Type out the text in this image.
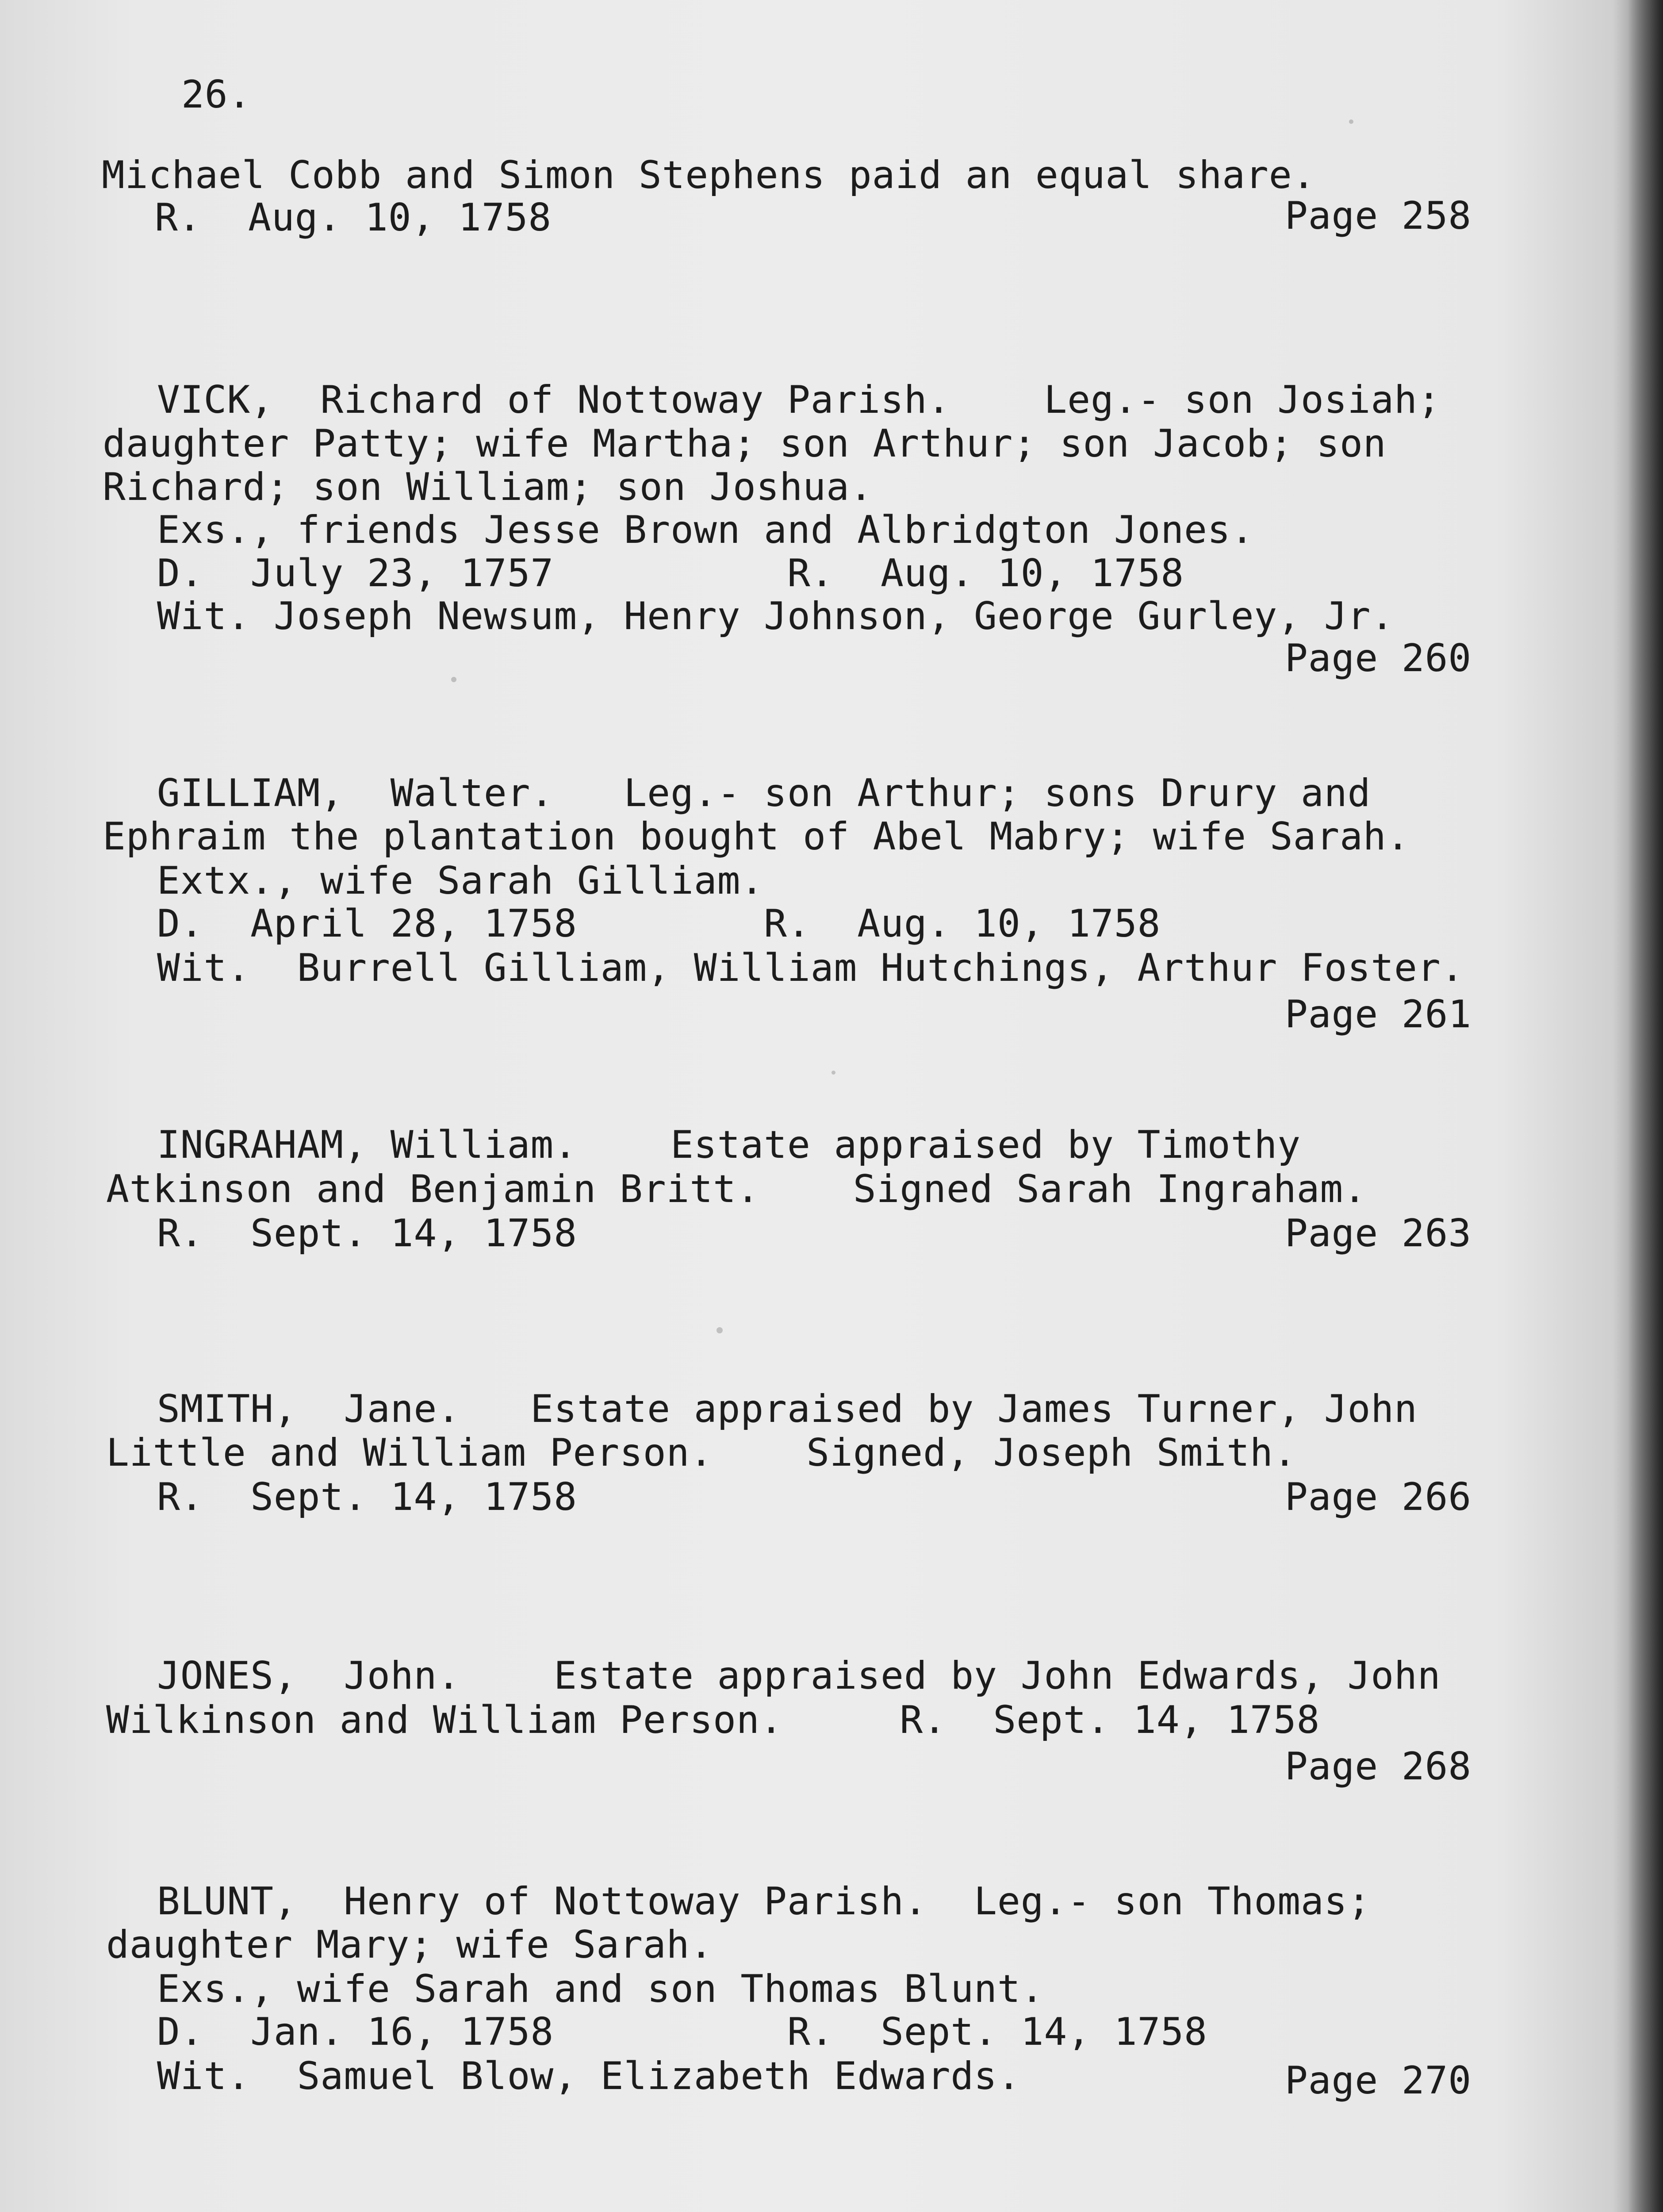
26.
Michael Cobb and Simon Stephens paid an equal share.
R.  Aug. 10, 1758	Page 258
VICK,  Richard of Nottoway Parish.    Leg.- son Josiah;
daughter Patty; wife Martha; son Arthur; son Jacob; son
Richard; son William; son Joshua.
Exs., friends Jesse Brown and Albridgton Jones.
D.  July 23, 1757          R.  Aug. 10, 1758
Wit. Joseph Newsum, Henry Johnson, George Gurley, Jr.
Page 260
GILLIAM,  Walter.   Leg.- son Arthur; sons Drury and
Ephraim the plantation bought of Abel Mabry; wife Sarah.
Extx., wife Sarah Gilliam.
D.  April 28, 1758        R.  Aug. 10, 1758
Wit.  Burrell Gilliam, William Hutchings, Arthur Foster.
Page 261
INGRAHAM, William.    Estate appraised by Timothy
Atkinson and Benjamin Britt.    Signed Sarah Ingraham.
R.  Sept. 14, 1758	Page 263
SMITH,  Jane.   Estate appraised by James Turner, John
Little and William Person.    Signed, Joseph Smith.
R.  Sept. 14, 1758	Page 266
JONES,  John.    Estate appraised by John Edwards, John
Wilkinson and William Person.     R.  Sept. 14, 1758
Page 268
BLUNT,  Henry of Nottoway Parish.  Leg.- son Thomas;
daughter Mary; wife Sarah.
Exs., wife Sarah and son Thomas Blunt.
D.  Jan. 16, 1758          R.  Sept. 14, 1758
Wit.  Samuel Blow, Elizabeth Edwards.	Page 270
